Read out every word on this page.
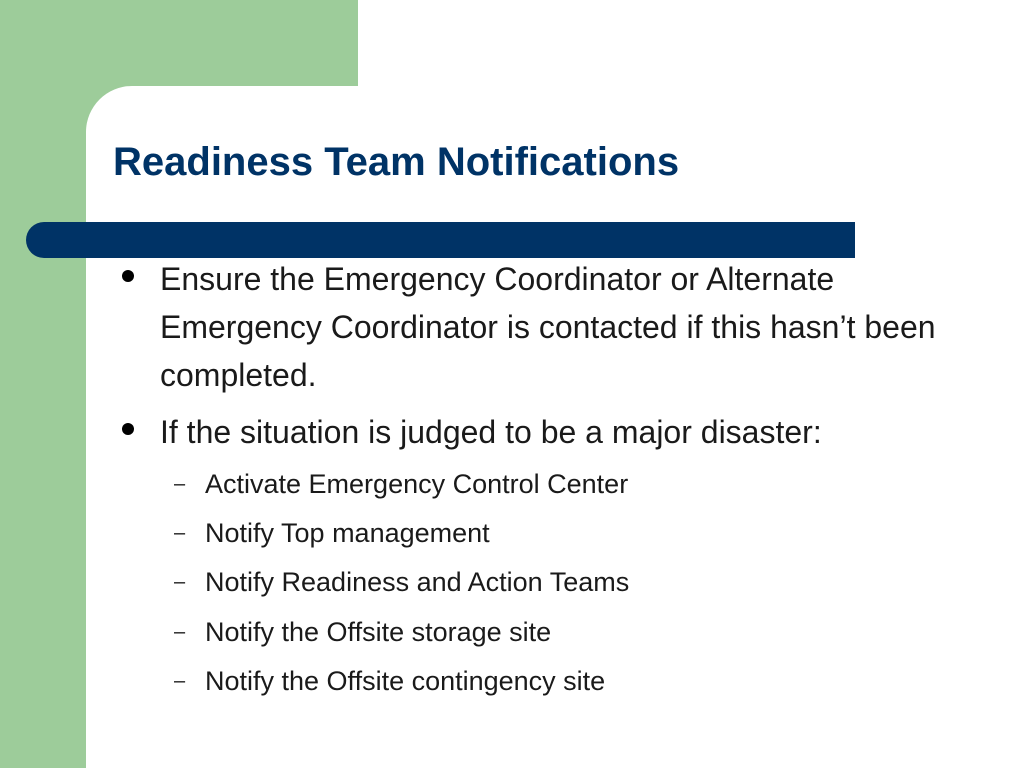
Readiness Team Notifications
Ensure the Emergency Coordinator or Alternate Emergency Coordinator is contacted if this hasn’t been completed.
If the situation is judged to be a major disaster:
– Activate Emergency Control Center
– Notify Top management
– Notify Readiness and Action Teams
– Notify the Offsite storage site
– Notify the Offsite contingency site
